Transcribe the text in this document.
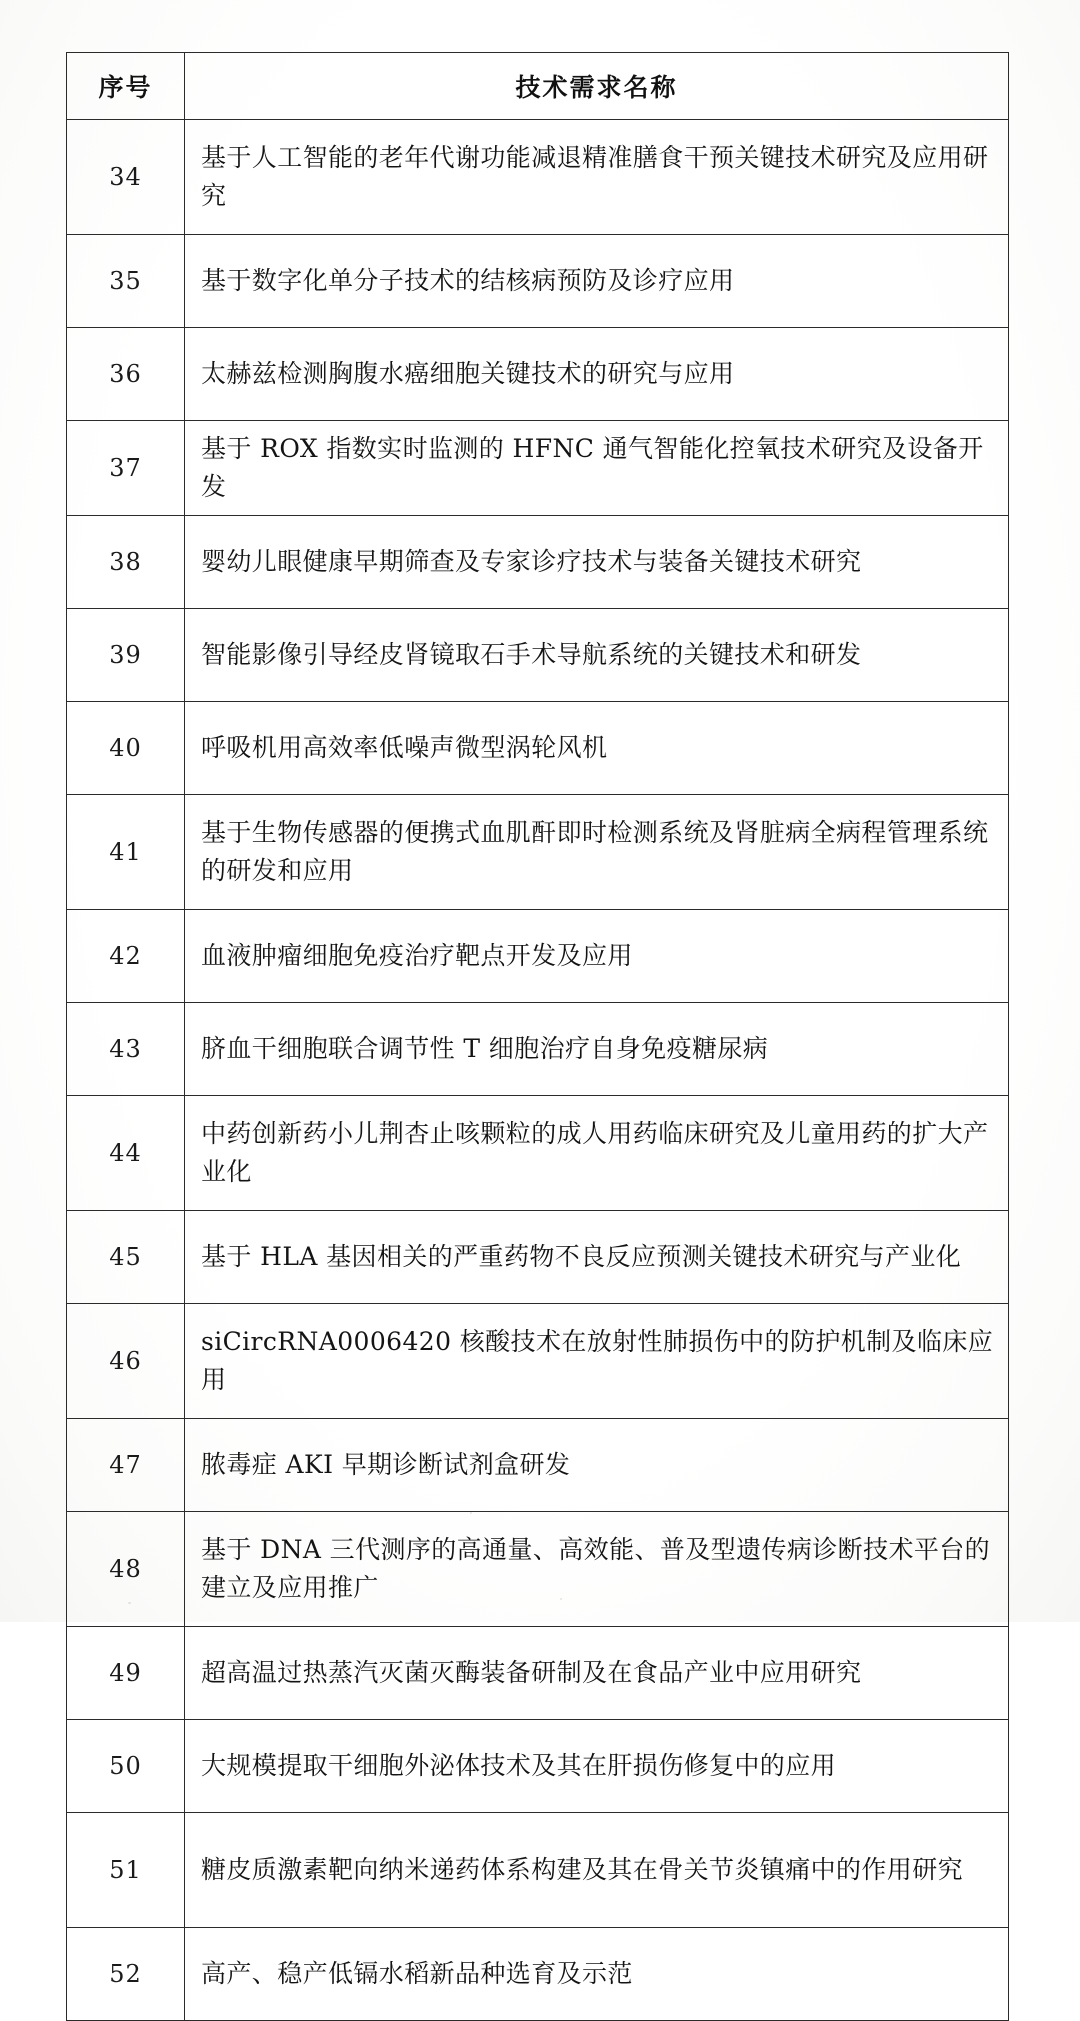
序号	技术需求名称
34	基于人工智能的老年代谢功能减退精准膳食干预关键技术研究及应用研究
35	基于数字化单分子技术的结核病预防及诊疗应用
36	太赫兹检测胸腹水癌细胞关键技术的研究与应用
37	基于 ROX 指数实时监测的 HFNC 通气智能化控氧技术研究及设备开发
38	婴幼儿眼健康早期筛查及专家诊疗技术与装备关键技术研究
39	智能影像引导经皮肾镜取石手术导航系统的关键技术和研发
40	呼吸机用高效率低噪声微型涡轮风机
41	基于生物传感器的便携式血肌酐即时检测系统及肾脏病全病程管理系统的研发和应用
42	血液肿瘤细胞免疫治疗靶点开发及应用
43	脐血干细胞联合调节性 T 细胞治疗自身免疫糖尿病
44	中药创新药小儿荆杏止咳颗粒的成人用药临床研究及儿童用药的扩大产业化
45	基于 HLA 基因相关的严重药物不良反应预测关键技术研究与产业化
46	siCircRNA0006420 核酸技术在放射性肺损伤中的防护机制及临床应用
47	脓毒症 AKI 早期诊断试剂盒研发
48	基于 DNA 三代测序的高通量、高效能、普及型遗传病诊断技术平台的建立及应用推广
49	超高温过热蒸汽灭菌灭酶装备研制及在食品产业中应用研究
50	大规模提取干细胞外泌体技术及其在肝损伤修复中的应用
51	糖皮质激素靶向纳米递药体系构建及其在骨关节炎镇痛中的作用研究
52	高产、稳产低镉水稻新品种选育及示范
